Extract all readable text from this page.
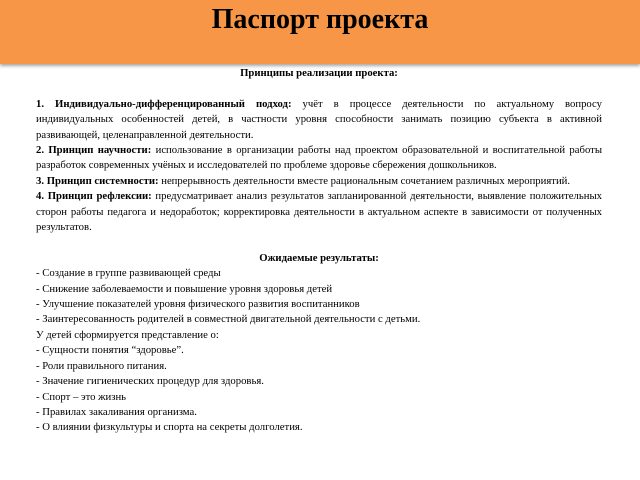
Паспорт проекта

Принципы реализации проекта:

1. Индивидуально-дифференцированный подход: учёт в процессе деятельности по актуальному вопросу индивидуальных особенностей детей, в частности уровня способности занимать позицию субъекта в активной развивающей, целенаправленной деятельности.

2. Принцип научности: использование в организации работы над проектом образовательной и воспитательной работы разработок современных учёных и исследователей по проблеме здоровье сбережения дошкольников.

3. Принцип системности: непрерывность деятельности вместе рациональным сочетанием различных мероприятий.

4. Принцип рефлексии: предусматривает анализ результатов запланированной деятельности, выявление положительных сторон работы педагога и недоработок; корректировка деятельности в актуальном аспекте в зависимости от полученных результатов.

Ожидаемые результаты:

- Создание в группе развивающей среды

- Снижение заболеваемости и повышение уровня здоровья детей

- Улучшение показателей уровня физического развития воспитанников

- Заинтересованность родителей в совместной двигательной деятельности с детьми.

У детей сформируется представление о:

- Сущности понятия “здоровье”.

- Роли правильного питания.

- Значение гигиенических процедур для здоровья.

- Спорт – это жизнь

- Правилах закаливания организма.

- О влиянии физкультуры и спорта на секреты долголетия.
